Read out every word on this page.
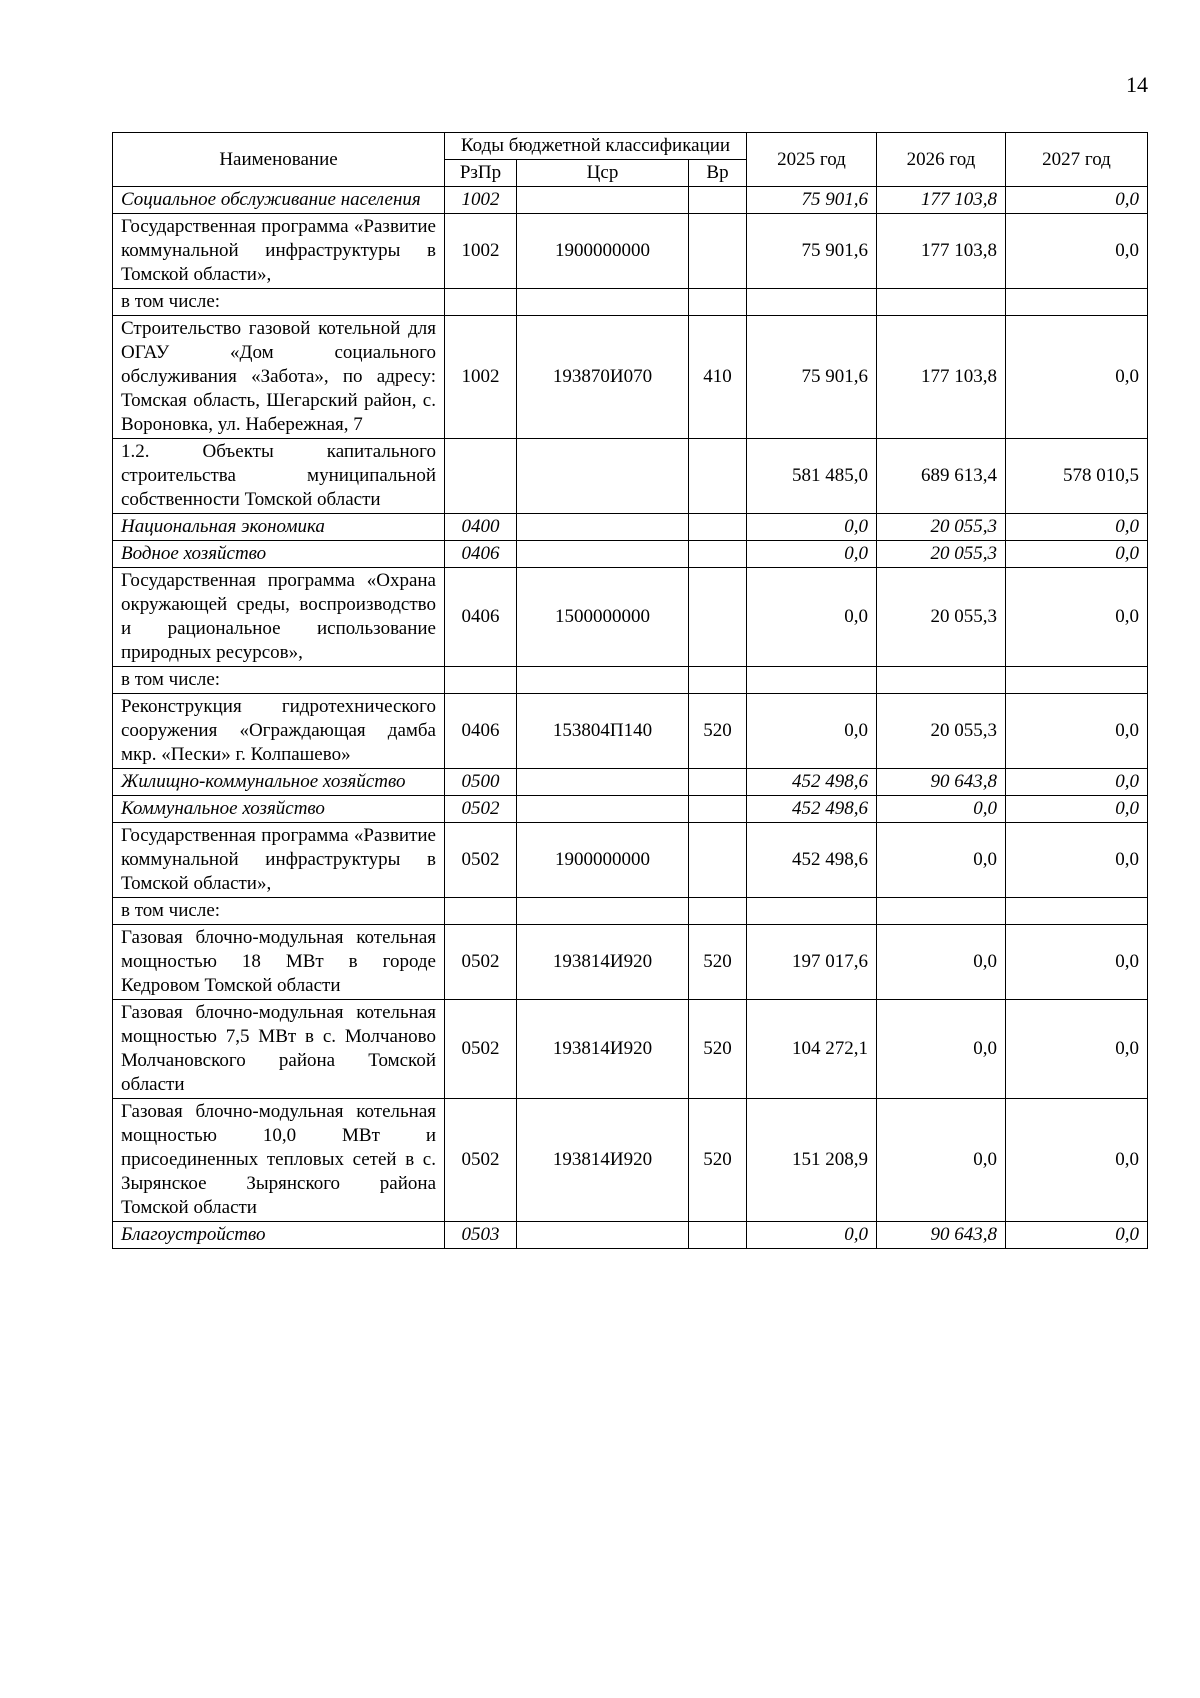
14
Наименование	Коды бюджетной классификации			2025 год	2026 год	2027 год
	РзПр	Цср	Вр			
Социальное обслуживание населения	1002			75 901,6	177 103,8	0,0
Государственная программа «Развитие коммунальной инфраструктуры в Томской области»,	1002	1900000000		75 901,6	177 103,8	0,0
в том числе:						
Строительство газовой котельной для ОГАУ «Дом социального обслуживания «Забота», по адресу: Томская область, Шегарский район, с. Вороновка, ул. Набережная, 7	1002	193870И070	410	75 901,6	177 103,8	0,0
1.2. Объекты капитального строительства муниципальной собственности Томской области				581 485,0	689 613,4	578 010,5
Национальная экономика	0400			0,0	20 055,3	0,0
Водное хозяйство	0406			0,0	20 055,3	0,0
Государственная программа «Охрана окружающей среды, воспроизводство и рациональное использование природных ресурсов»,	0406	1500000000		0,0	20 055,3	0,0
в том числе:						
Реконструкция гидротехнического сооружения «Ограждающая дамба мкр. «Пески» г. Колпашево»	0406	153804П140	520	0,0	20 055,3	0,0
Жилищно-коммунальное хозяйство	0500			452 498,6	90 643,8	0,0
Коммунальное хозяйство	0502			452 498,6	0,0	0,0
Государственная программа «Развитие коммунальной инфраструктуры в Томской области»,	0502	1900000000		452 498,6	0,0	0,0
в том числе:						
Газовая блочно-модульная котельная мощностью 18 МВт в городе Кедровом Томской области	0502	193814И920	520	197 017,6	0,0	0,0
Газовая блочно-модульная котельная мощностью 7,5 МВт в с. Молчаново Молчановского района Томской области	0502	193814И920	520	104 272,1	0,0	0,0
Газовая блочно-модульная котельная мощностью 10,0 МВт и присоединенных тепловых сетей в с. Зырянское Зырянского района Томской области	0502	193814И920	520	151 208,9	0,0	0,0
Благоустройство	0503			0,0	90 643,8	0,0
